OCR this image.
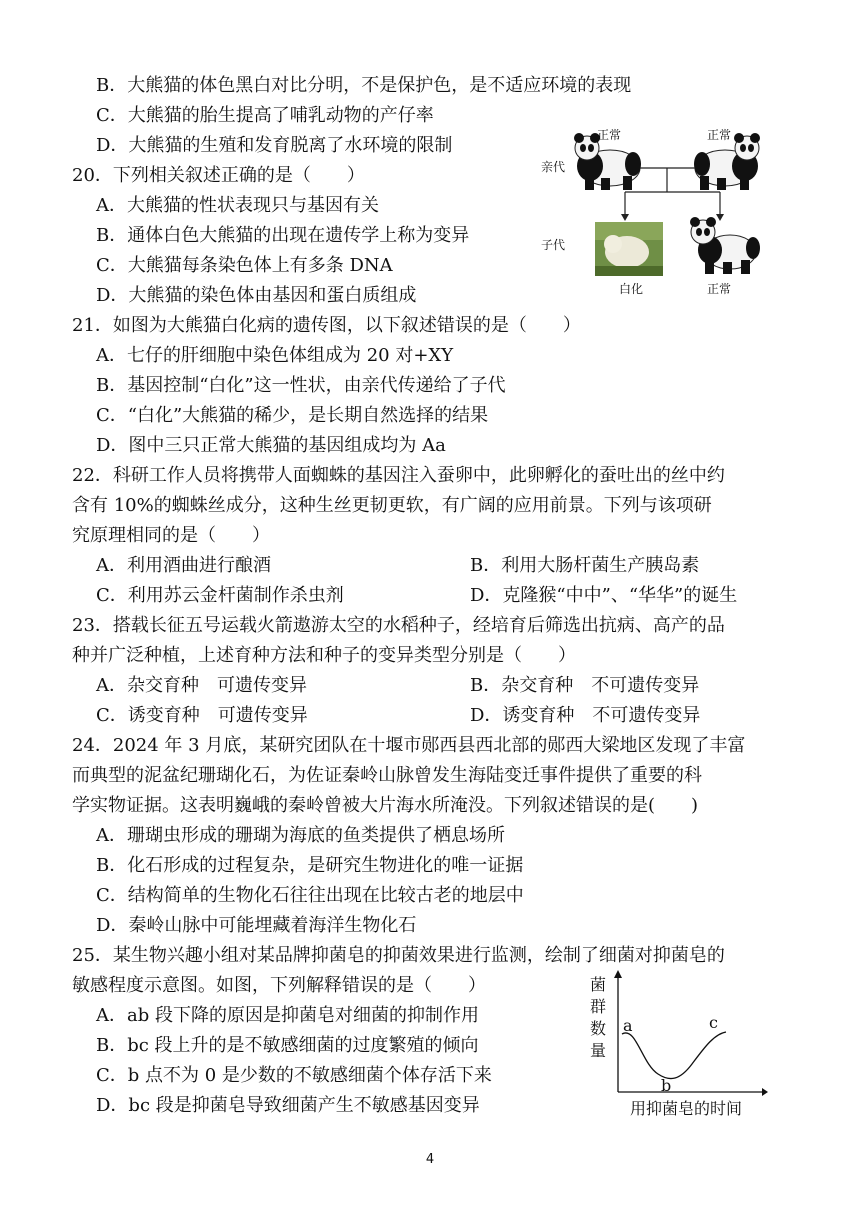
B．大熊猫的体色黑白对比分明，不是保护色，是不适应环境的表现
C．大熊猫的胎生提高了哺乳动物的产仔率
D．大熊猫的生殖和发育脱离了水环境的限制
20．下列相关叙述正确的是（　　）
A．大熊猫的性状表现只与基因有关
B．通体白色大熊猫的出现在遗传学上称为变异
C．大熊猫每条染色体上有多条 DNA
D．大熊猫的染色体由基因和蛋白质组成
21．如图为大熊猫白化病的遗传图，以下叙述错误的是（　　）
A．七仔的肝细胞中染色体组成为 20 对+XY
B．基因控制“白化”这一性状，由亲代传递给了子代
C．“白化”大熊猫的稀少，是长期自然选择的结果
D．图中三只正常大熊猫的基因组成均为 Aa
22．科研工作人员将携带人面蜘蛛的基因注入蚕卵中，此卵孵化的蚕吐出的丝中约
含有 10%的蜘蛛丝成分，这种生丝更韧更软，有广阔的应用前景。下列与该项研
究原理相同的是（　　）
A．利用酒曲进行酿酒	B．利用大肠杆菌生产胰岛素
C．利用苏云金杆菌制作杀虫剂	D．克隆猴“中中”、“华华”的诞生
23．搭载长征五号运载火箭遨游太空的水稻种子，经培育后筛选出抗病、高产的品
种并广泛种植，上述育种方法和种子的变异类型分别是（　　）
A．杂交育种　可遗传变异	B．杂交育种　不可遗传变异
C．诱变育种　可遗传变异	D．诱变育种　不可遗传变异
24．2024 年 3 月底，某研究团队在十堰市郧西县西北部的郧西大梁地区发现了丰富
而典型的泥盆纪珊瑚化石，为佐证秦岭山脉曾发生海陆变迁事件提供了重要的科
学实物证据。这表明巍峨的秦岭曾被大片海水所淹没。下列叙述错误的是(　　)
A．珊瑚虫形成的珊瑚为海底的鱼类提供了栖息场所
B．化石形成的过程复杂，是研究生物进化的唯一证据
C．结构简单的生物化石往往出现在比较古老的地层中
D．秦岭山脉中可能埋藏着海洋生物化石
25．某生物兴趣小组对某品牌抑菌皂的抑菌效果进行监测，绘制了细菌对抑菌皂的
敏感程度示意图。如图，下列解释错误的是（　　）
A．ab 段下降的原因是抑菌皂对细菌的抑制作用
B．bc 段上升的是不敏感细菌的过度繁殖的倾向
C．b 点不为 0 是少数的不敏感细菌个体存活下来
D．bc 段是抑菌皂导致细菌产生不敏感基因变异
正常	正常
亲代
子代
白化	正常
菌
群
数
量
a
b
c
用抑菌皂的时间
4
